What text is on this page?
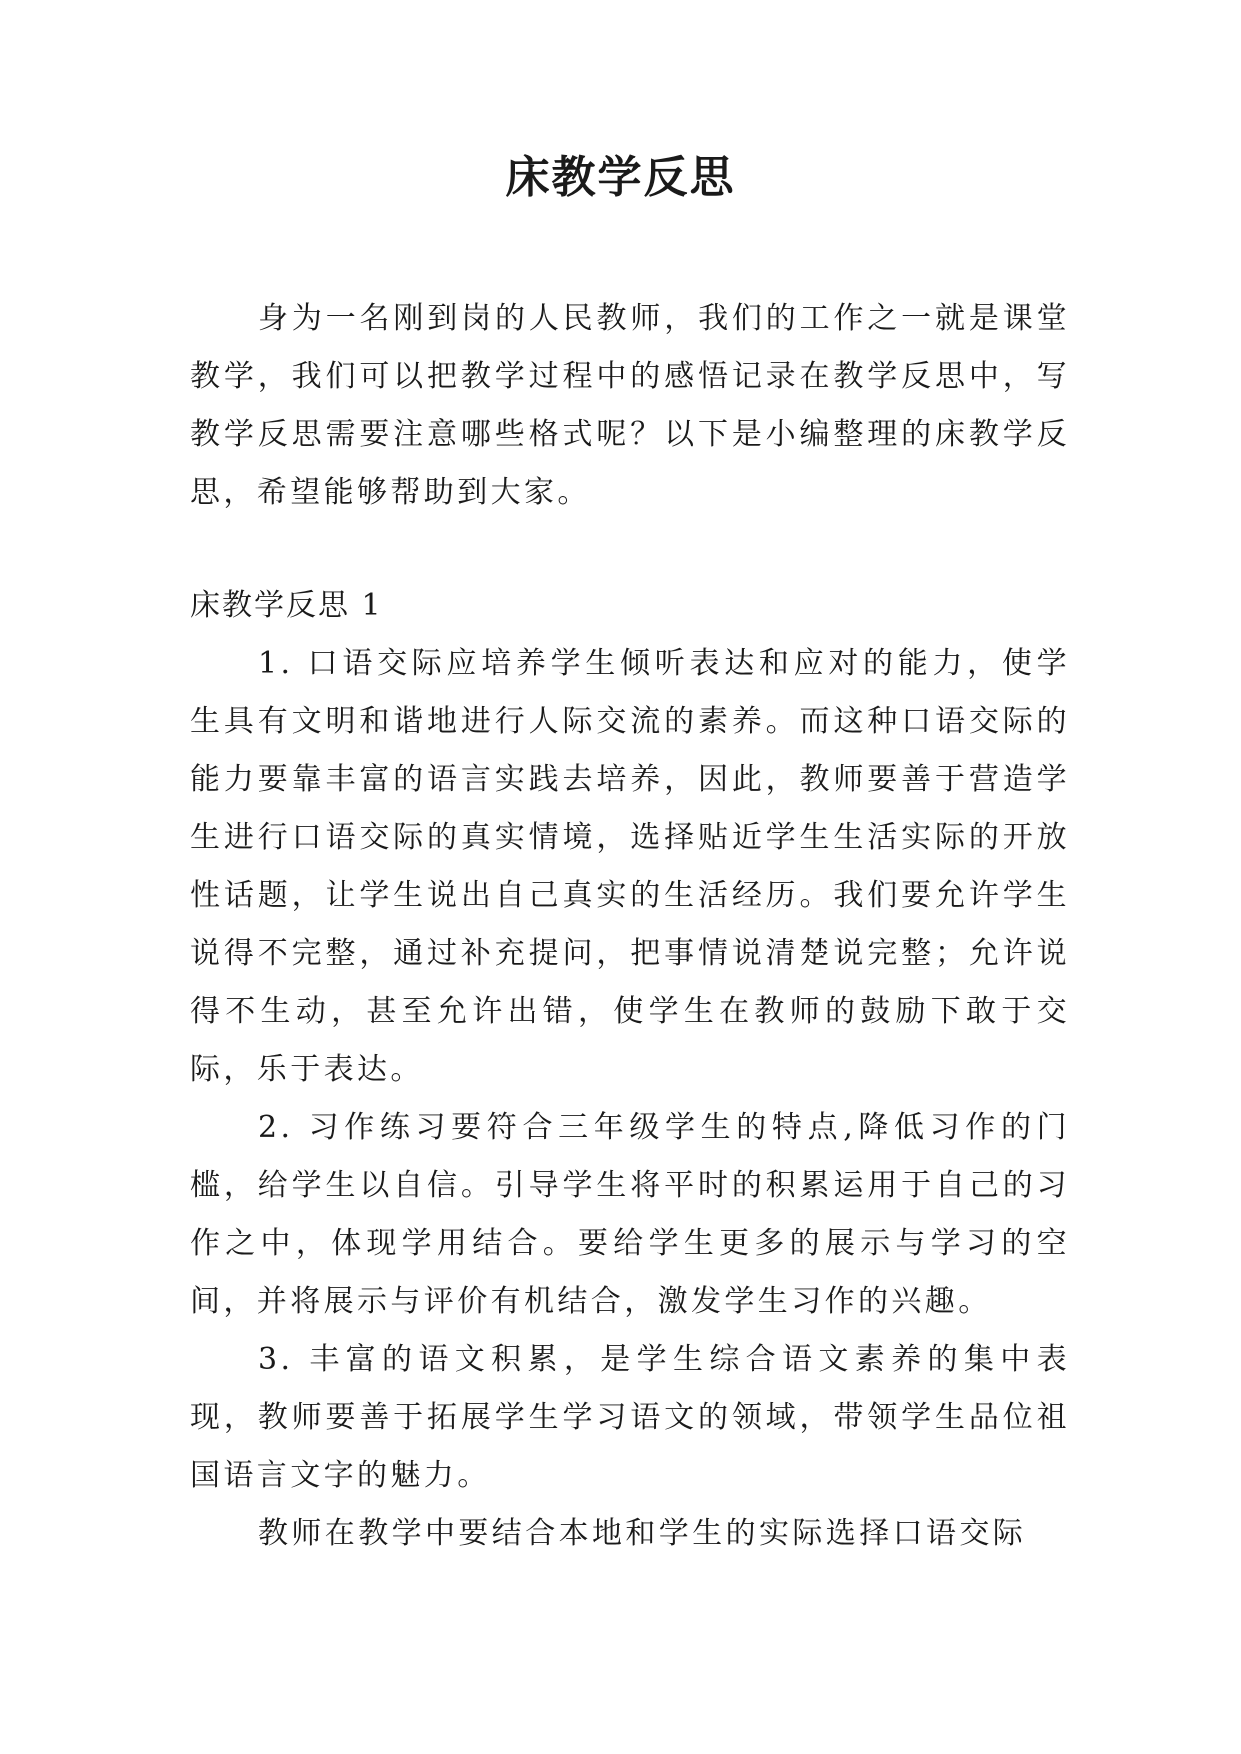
床教学反思

身为一名刚到岗的人民教师，我们的工作之一就是课堂教学，我们可以把教学过程中的感悟记录在教学反思中，写教学反思需要注意哪些格式呢？以下是小编整理的床教学反思，希望能够帮助到大家。

床教学反思 1

1. 口语交际应培养学生倾听表达和应对的能力，使学生具有文明和谐地进行人际交流的素养。而这种口语交际的能力要靠丰富的语言实践去培养，因此，教师要善于营造学生进行口语交际的真实情境，选择贴近学生生活实际的开放性话题，让学生说出自己真实的生活经历。我们要允许学生说得不完整，通过补充提问，把事情说清楚说完整；允许说得不生动，甚至允许出错，使学生在教师的鼓励下敢于交际，乐于表达。

2. 习作练习要符合三年级学生的特点,降低习作的门槛，给学生以自信。引导学生将平时的积累运用于自己的习作之中，体现学用结合。要给学生更多的展示与学习的空间，并将展示与评价有机结合，激发学生习作的兴趣。

3. 丰富的语文积累，是学生综合语文素养的集中表现，教师要善于拓展学生学习语文的领域，带领学生品位祖国语言文字的魅力。

教师在教学中要结合本地和学生的实际选择口语交际
